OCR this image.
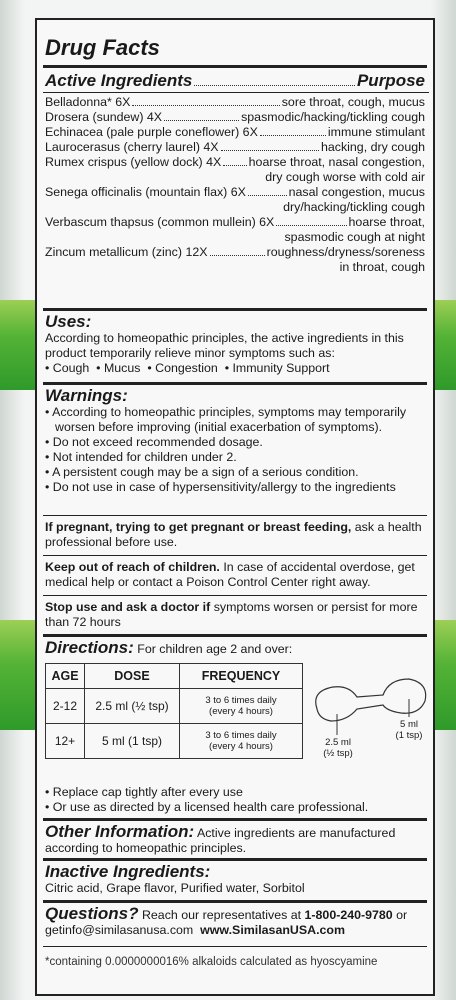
Drug Facts
Active Ingredients	Purpose
Belladonna* 6X	sore throat, cough, mucus
Drosera (sundew) 4X	spasmodic/hacking/tickling cough
Echinacea (pale purple coneflower) 6X	immune stimulant
Laurocerasus (cherry laurel) 4X	hacking, dry cough
Rumex crispus (yellow dock) 4X hoarse throat, nasal congestion,
dry cough worse with cold air
Senega officinalis (mountain flax) 6X	nasal congestion, mucus
dry/hacking/tickling cough
Verbascum thapsus (common mullein) 6X	hoarse throat,
spasmodic cough at night
Zincum metallicum (zinc) 12X	roughness/dryness/soreness
in throat, cough
Uses:
According to homeopathic principles, the active ingredients in this product temporarily relieve minor symptoms such as:
• Cough  • Mucus  • Congestion  • Immunity Support
Warnings:
• According to homeopathic principles, symptoms may temporarily worsen before improving (initial exacerbation of symptoms).
• Do not exceed recommended dosage.
• Not intended for children under 2.
• A persistent cough may be a sign of a serious condition.
• Do not use in case of hypersensitivity/allergy to the ingredients
If pregnant, trying to get pregnant or breast feeding, ask a health professional before use.
Keep out of reach of children. In case of accidental overdose, get medical help or contact a Poison Control Center right away.
Stop use and ask a doctor if symptoms worsen or persist for more than 72 hours
Directions: For children age 2 and over:
AGE	DOSE	FREQUENCY
2-12	2.5 ml (½ tsp)	3 to 6 times daily
(every 4 hours)

12+	5 ml (1 tsp)	3 to 6 times daily
(every 4 hours)	2.5 ml
(½ tsp)
5 ml
(1 tsp)
• Replace cap tightly after every use
• Or use as directed by a licensed health care professional.
Other Information: Active ingredients are manufactured according to homeopathic principles.
Inactive Ingredients:
Citric acid, Grape flavor, Purified water, Sorbitol
Questions? Reach our representatives at 1-800-240-9780 or
getinfo@similasanusa.com www.SimilasanUSA.com
*containing 0.0000000016% alkaloids calculated as hyoscyamine
